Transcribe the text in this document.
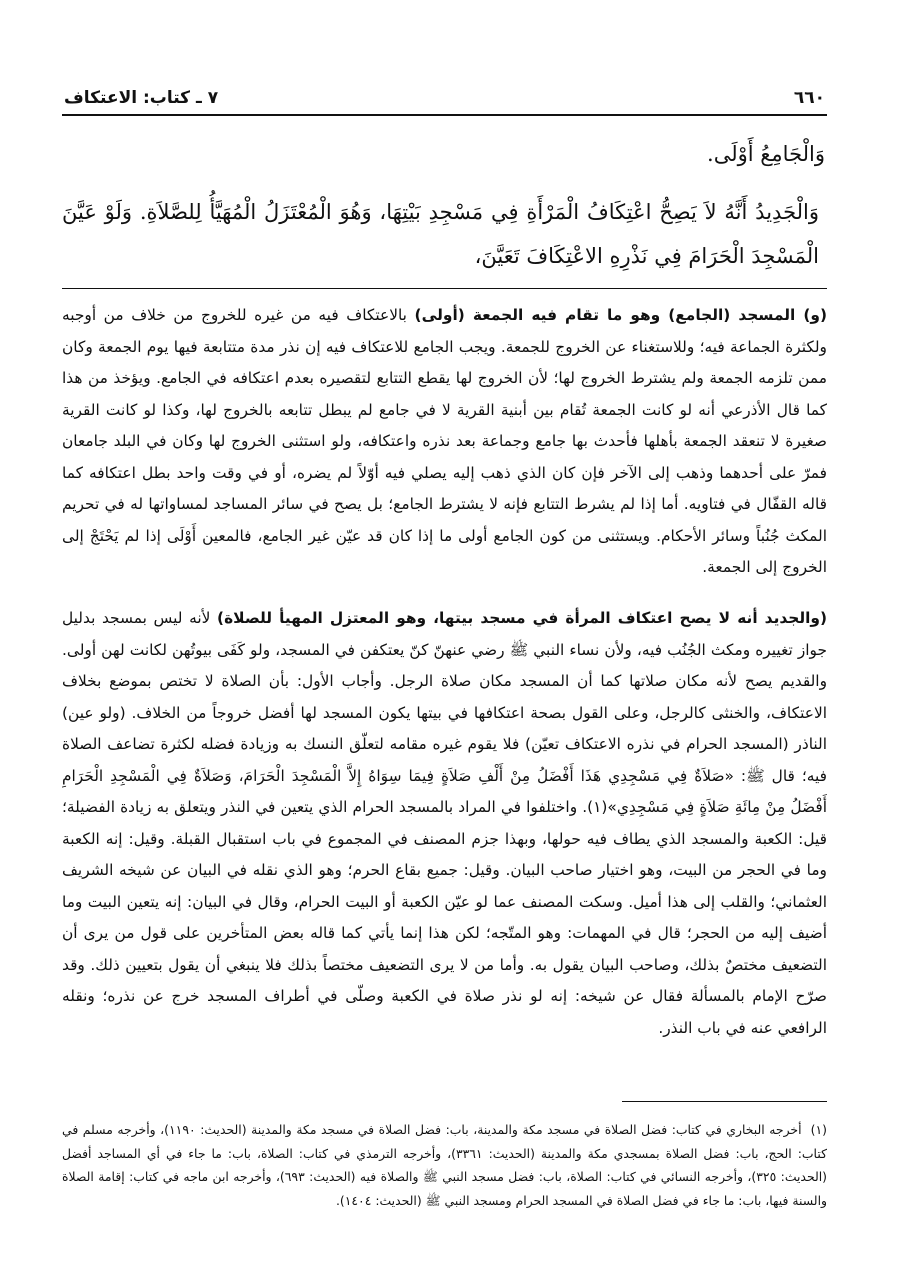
٦٦٠
٧ ـ كتاب: الاعتكاف
وَالْجَامِعُ أَوْلَى.
وَالْجَدِيدُ أَنَّهُ لاَ يَصِحُّ اعْتِكَافُ الْمَرْأَةِ فِي مَسْجِدِ بَيْتِهَا، وَهُوَ الْمُعْتَزَلُ الْمُهَيَّأُ لِلصَّلاَةِ. وَلَوْ عَيَّنَ الْمَسْجِدَ الْحَرَامَ فِي نَذْرِهِ الاعْتِكَافَ تَعَيَّنَ،

(و) المسجد (الجامع) وهو ما تقام فيه الجمعة (أولى) بالاعتكاف فيه من غيره للخروج من خلاف من أوجبه ولكثرة الجماعة فيه؛ وللاستغناء عن الخروج للجمعة. ويجب الجامع للاعتكاف فيه إن نذر مدة متتابعة فيها يوم الجمعة وكان ممن تلزمه الجمعة ولم يشترط الخروج لها؛ لأن الخروج لها يقطع التتابع لتقصيره بعدم اعتكافه في الجامع. ويؤخذ من هذا كما قال الأذرعي أنه لو كانت الجمعة تُقام بين أبنية القرية لا في جامع لم يبطل تتابعه بالخروج لها، وكذا لو كانت القرية صغيرة لا تنعقد الجمعة بأهلها فأحدث بها جامع وجماعة بعد نذره واعتكافه، ولو استثنى الخروج لها وكان في البلد جامعان فمرّ على أحدهما وذهب إلى الآخر فإن كان الذي ذهب إليه يصلي فيه أوّلاً لم يضره، أو في وقت واحد بطل اعتكافه كما قاله القفّال في فتاويه. أما إذا لم يشرط التتابع فإنه لا يشترط الجامع؛ بل يصح في سائر المساجد لمساواتها له في تحريم المكث جُنُباً وسائر الأحكام. ويستثنى من كون الجامع أولى ما إذا كان قد عيّن غير الجامع، فالمعين أَوْلَى إذا لم يَحْتَجْ إلى الخروج إلى الجمعة.

(والجديد أنه لا يصح اعتكاف المرأة في مسجد بيتها، وهو المعتزل المهيأ للصلاة) لأنه ليس بمسجد بدليل جواز تغييره ومكث الجُنُب فيه، ولأن نساء النبي ﷺ رضي عنهنّ كنّ يعتكفن في المسجد، ولو كَفَى بيوتُهن لكانت لهن أولى. والقديم يصح لأنه مكان صلاتها كما أن المسجد مكان صلاة الرجل. وأجاب الأول: بأن الصلاة لا تختص بموضع بخلاف الاعتكاف، والخنثى كالرجل، وعلى القول بصحة اعتكافها في بيتها يكون المسجد لها أفضل خروجاً من الخلاف. (ولو عين) الناذر (المسجد الحرام في نذره الاعتكاف تعيّن) فلا يقوم غيره مقامه لتعلّق النسك به وزيادة فضله لكثرة تضاعف الصلاة فيه؛ قال ﷺ: «صَلاَةٌ فِي مَسْجِدِي هَذَا أَفْضَلُ مِنْ أَلْفِ صَلاَةٍ فِيمَا سِوَاهُ إِلاَّ الْمَسْجِدَ الْحَرَامَ، وَصَلاَةٌ فِي الْمَسْجِدِ الْحَرَامِ أَفْضَلُ مِنْ مِائَةِ صَلاَةٍ فِي مَسْجِدِي»(١). واختلفوا في المراد بالمسجد الحرام الذي يتعين في النذر ويتعلق به زيادة الفضيلة؛ قيل: الكعبة والمسجد الذي يطاف فيه حولها، وبهذا جزم المصنف في المجموع في باب استقبال القبلة. وقيل: إنه الكعبة وما في الحجر من البيت، وهو اختيار صاحب البيان. وقيل: جميع بقاع الحرم؛ وهو الذي نقله في البيان عن شيخه الشريف العثماني؛ والقلب إلى هذا أميل. وسكت المصنف عما لو عيّن الكعبة أو البيت الحرام، وقال في البيان: إنه يتعين البيت وما أضيف إليه من الحجر؛ قال في المهمات: وهو المتّجه؛ لكن هذا إنما يأتي كما قاله بعض المتأخرين على قول من يرى أن التضعيف مختصٌ بذلك، وصاحب البيان يقول به. وأما من لا يرى التضعيف مختصاً بذلك فلا ينبغي أن يقول بتعيين ذلك. وقد صرّح الإمام بالمسألة فقال عن شيخه: إنه لو نذر صلاة في الكعبة وصلّى في أطراف المسجد خرج عن نذره؛ ونقله الرافعي عنه في باب النذر.

(١)  أخرجه البخاري في كتاب: فضل الصلاة في مسجد مكة والمدينة، باب: فضل الصلاة في مسجد مكة والمدينة (الحديث: ١١٩٠)، وأخرجه مسلم في كتاب: الحج، باب: فضل الصلاة بمسجدي مكة والمدينة (الحديث: ٣٣٦١)، وأخرجه الترمذي في كتاب: الصلاة، باب: ما جاء في أي المساجد أفضل (الحديث: ٣٢٥)، وأخرجه النسائي في كتاب: الصلاة، باب: فضل مسجد النبي ﷺ والصلاة فيه (الحديث: ٦٩٣)، وأخرجه ابن ماجه في كتاب: إقامة الصلاة والسنة فيها، باب: ما جاء في فضل الصلاة في المسجد الحرام ومسجد النبي ﷺ (الحديث: ١٤٠٤).
